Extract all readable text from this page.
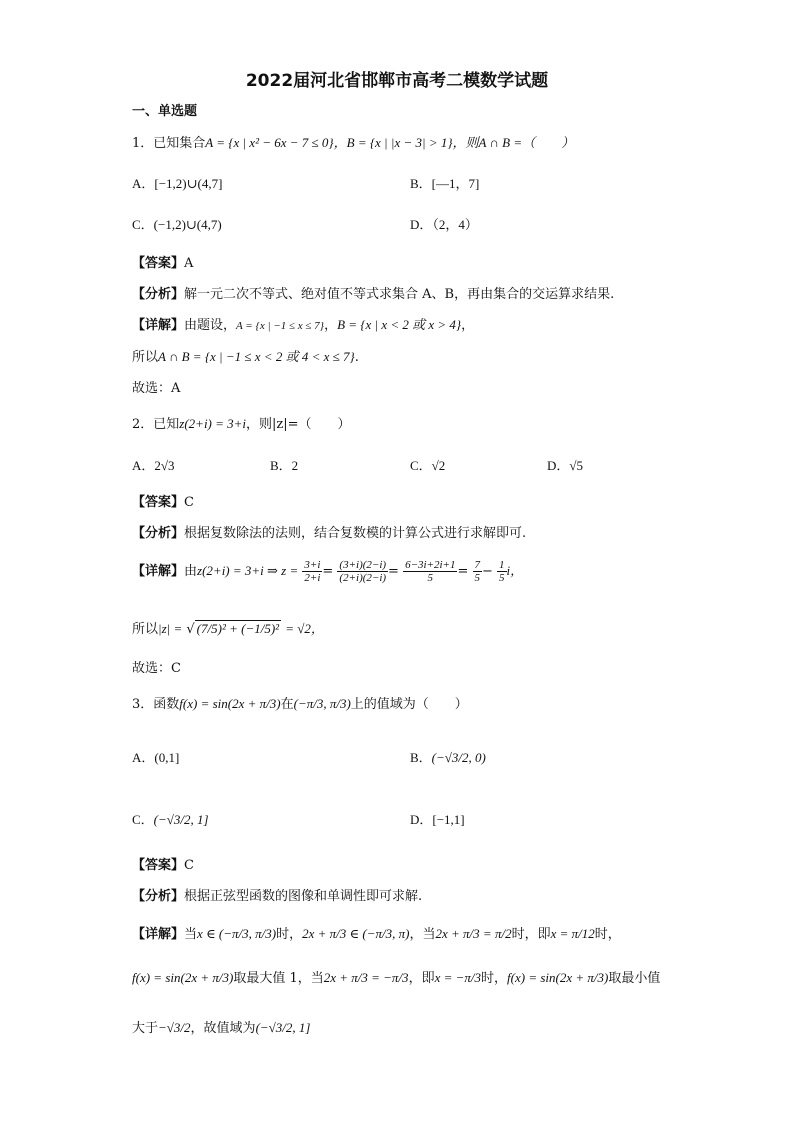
2022届河北省邯郸市高考二模数学试题
一、单选题
1．已知集合A = {x | x² − 6x − 7 ≤ 0}，B = {x | |x − 3| > 1}，则A ∩ B =（　　）
A．[−1,2)∪(4,7]	B．[—1，7]
C．(−1,2)∪(4,7)	D．（2，4）
【答案】A
【分析】解一元二次不等式、绝对值不等式求集合 A、B，再由集合的交运算求结果.
【详解】由题设，A = {x | −1 ≤ x ≤ 7}，B = {x | x < 2 或 x > 4}，
所以A ∩ B = {x | −1 ≤ x < 2 或 4 < x ≤ 7}.
故选：A
2．已知z(2+i) = 3+i，则|z|=（　　）
A．2√3	B．2	C．√2	D．√5
【答案】C
【分析】根据复数除法的法则，结合复数模的计算公式进行求解即可.
【详解】由z(2+i) = 3+i ⇒ $z = \frac{3+i}{2+i} = \frac{(3+i)(2-i)}{(2+i)(2-i)} = \frac{6-3i+2i+1}{5} = \frac{7}{5} - \frac{1}{5}$ i，
所以|z| = √ (7/5)² + (−1/5)² = √2，
故选：C
3．函数f(x) = sin(2x + π/3)在(−π/3, π/3)上的值域为（　　）
A．(0,1]	B．(−√3/2, 0)
C．(−√3/2, 1]	D．[−1,1]
【答案】C
【分析】根据正弦型函数的图像和单调性即可求解.
【详解】当x ∈ (−π/3, π/3)时，2x + π/3 ∈ (−π/3, π)，当2x + π/3 = π/2时，即x = π/12时，
f(x) = sin(2x + π/3)取最大值 1，当2x + π/3 = −π/3，即x = −π/3时，f(x) = sin(2x + π/3)取最小值
大于−√3/2，故值域为(−√3/2, 1]
